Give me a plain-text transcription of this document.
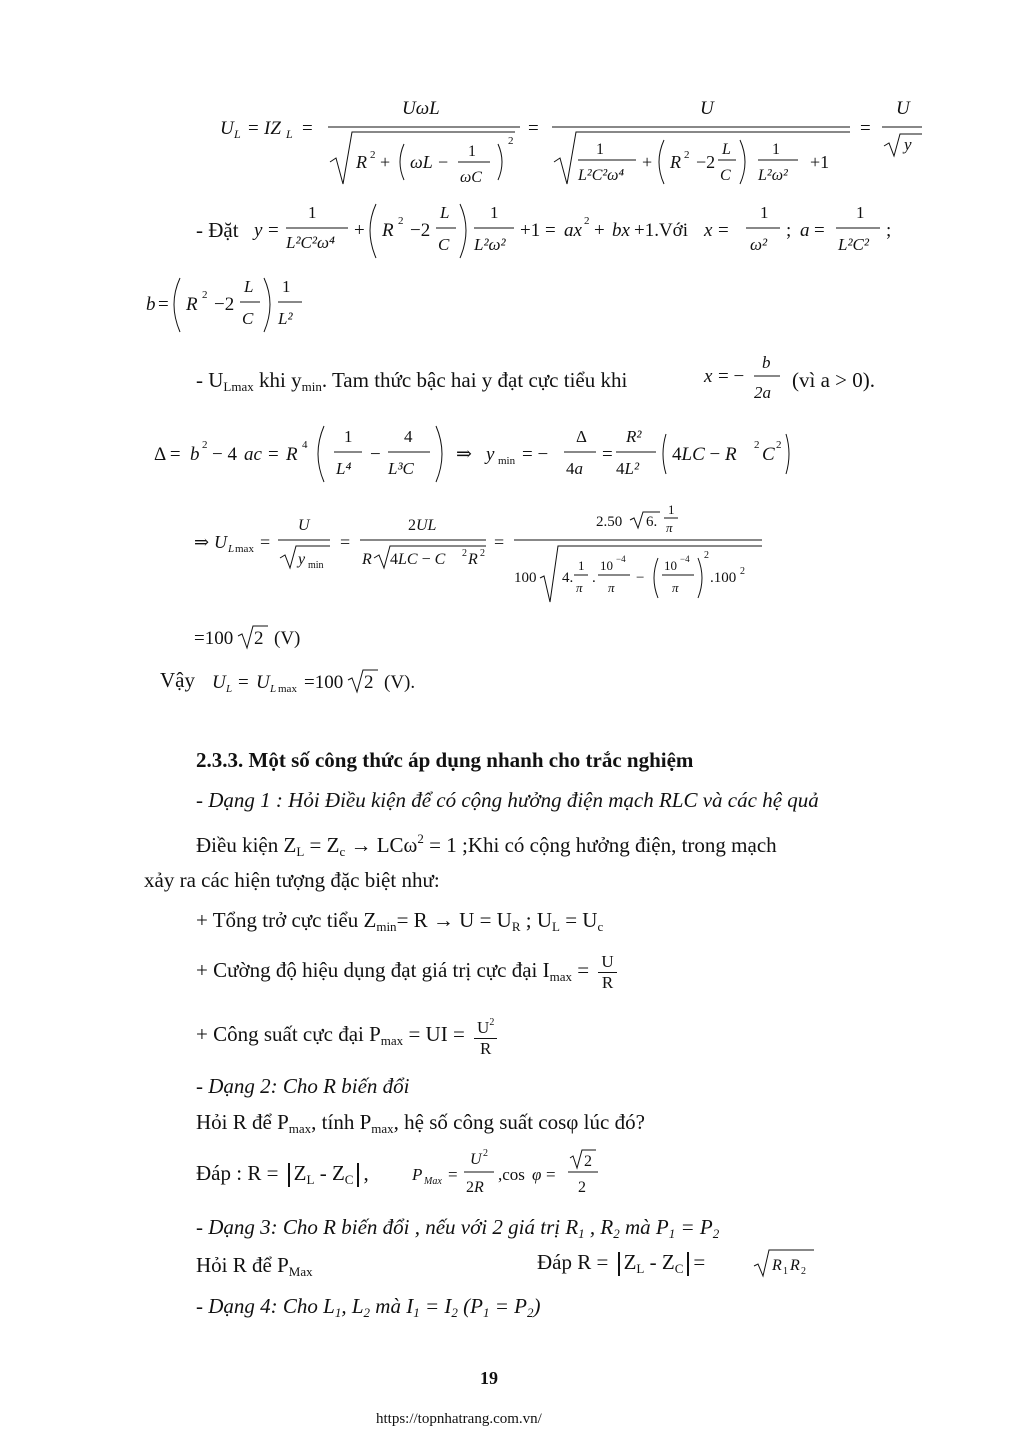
U L = IZ L =
UωL
R 2 + ωL −
1
ωC
2
=
U
1
L²C²ω⁴
+ R 2 −2
L
C
1
L²ω²
+1
=
U
y
- Đặt y =
1
L²C²ω⁴
+ R 2 −2
L
C
1
L²ω²
+1 = ax 2 + bx +1.Với x =
1
ω²
; a =
1
L²C²
;
b = R 2 −2
L
C
1
L²
- $U_{Lmax}$ khi $y_{min}$. Tam thức bậc hai y đạt cực tiểu khi	x = −
b
2a
(vì a > 0).
Δ = b 2 − 4 ac = R 4 1
L⁴
−
4
L³C
⇒ y min = −
Δ
4a
=
R²
4L²
4LC − R 2 C 2
⇒ U L max =
U
y min
=
2UL
R 4LC − C 2 R 2
=
2.50 6.
1
π
100 4.
1
π
.
10 −4
π
−
10 −4
π
2
.100 2
=100 2 (V)
Vậy U L = U L max =100 2 (V).
2.3.3. Một số công thức áp dụng nhanh cho trắc nghiệm
- Dạng 1 : Hỏi Điều kiện để có cộng hưởng điện mạch RLC và các hệ quả
Điều kiện $Z_L = Z_c \to LC\omega^2 = 1$ ;Khi có cộng hưởng điện, trong mạch
xảy ra các hiện tượng đặc biệt như:
+ Tổng trở cực tiểu $Z_{min}= R \to U = U_R$ ; $U_L = U_c$
+ Cường độ hiệu dụng đạt giá trị cực đại $I_{max} = \frac{U}{R}$
+ Công suất cực đại $P_{max}$ = UI = $\frac{U^2}{R}$
- Dạng 2: Cho R biến đổi
Hỏi R để $P_{max}$, tính $P_{max}$, hệ số công suất cosφ lúc đó?
Đáp : $R = Z_L - Z_C$ ,	P Max =
U 2
2R
,cos φ =
2
2
- Dạng 3: Cho R biến đổi , nếu với 2 giá trị $R_1$ , $R_2$ mà $P_1 = P_2$
Hỏi R để $P_{Max}$	Đáp $R = Z_L - Z_C$ =	R 1 R 2
- Dạng 4: Cho $L_1$, $L_2$ mà $I_1 = I_2$ $(P_1 = P_2)$
19
https://topnhatrang.com.vn/
